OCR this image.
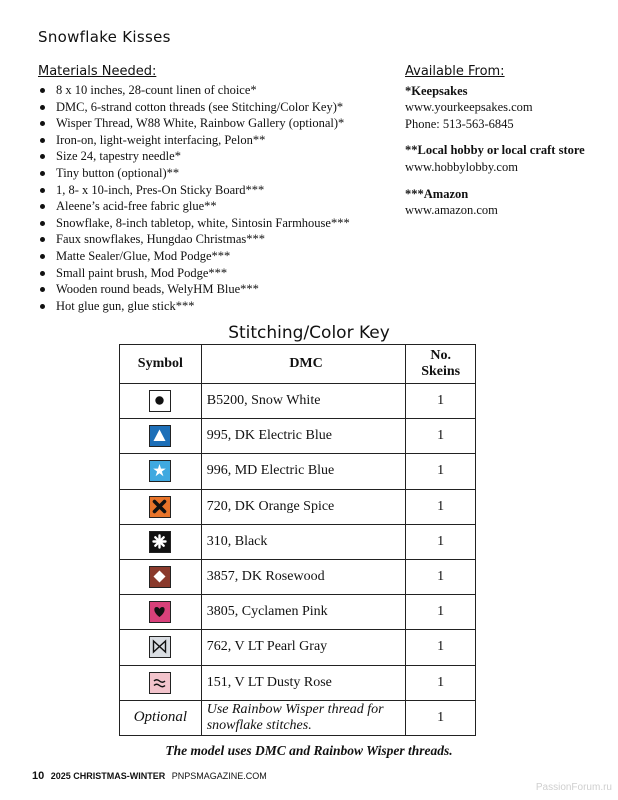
Snowflake Kisses
Materials Needed:
8 x 10 inches, 28-count linen of choice*
DMC, 6-strand cotton threads (see Stitching/Color Key)*
Wisper Thread, W88 White, Rainbow Gallery (optional)*
Iron-on, light-weight interfacing, Pelon**
Size 24, tapestry needle*
Tiny button (optional)**
1, 8- x 10-inch, Pres-On Sticky Board***
Aleene’s acid-free fabric glue**
Snowflake, 8-inch tabletop, white, Sintosin Farmhouse***
Faux snowflakes, Hungdao Christmas***
Matte Sealer/Glue, Mod Podge***
Small paint brush, Mod Podge***
Wooden round beads, WelyHM Blue***
Hot glue gun, glue stick***
Available From:
*Keepsakes
www.yourkeepsakes.com
Phone: 513-563-6845
**Local hobby or local craft store
www.hobbylobby.com
***Amazon
www.amazon.com
Stitching/Color Key
Symbol	DMC	No.
Skeins

	B5200, Snow White	1

	995, DK Electric Blue	1

	996, MD Electric Blue	1

	720, DK Orange Spice	1

	310, Black	1

	3857, DK Rosewood	1

	3805, Cyclamen Pink	1

	762, V LT Pearl Gray	1

	151, V LT Dusty Rose	1
Optional	Use Rainbow Wisper thread for snowflake stitches.	1
The model uses DMC and Rainbow Wisper threads.
10 2025 CHRISTMAS-WINTER PNPSMAGAZINE.COM
PassionForum.ru
